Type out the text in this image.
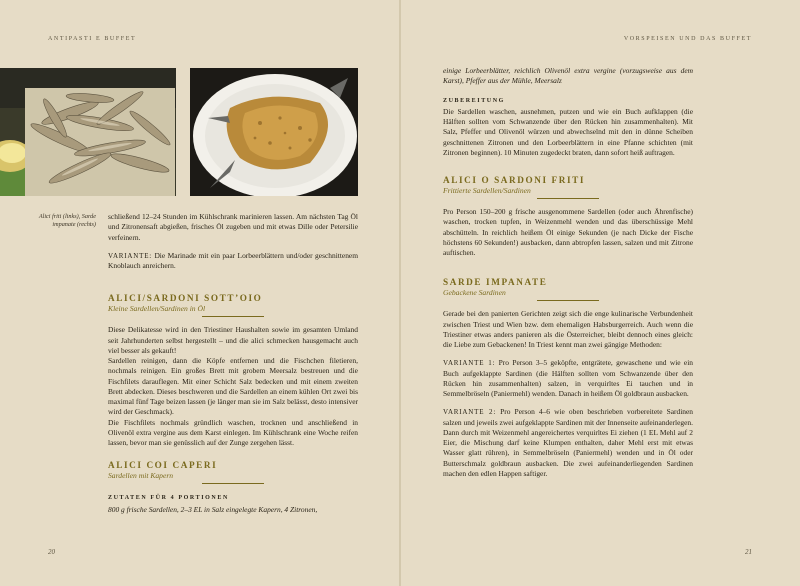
ANTIPASTI E BUFFET	VORSPEISEN UND DAS BUFFET
Alici friti (links), Sarde impanate (rechts)

schließend 12–24 Stunden im Kühlschrank marinieren lassen. Am nächsten Tag Öl und Zitronensaft abgießen, frisches Öl zugeben und mit etwas Dille oder Petersilie verfeinern.

VARIANTE: Die Marinade mit ein paar Lorbeerblättern und/oder geschnittenem Knoblauch anreichern.

ALICI/SARDONI SOTT’OIO

Kleine Sardellen/Sardinen in Öl

Diese Delikatesse wird in den Triestiner Haushalten sowie im gesamten Umland seit Jahrhunderten selbst hergestellt – und die alici schmecken hausgemacht auch viel besser als gekauft!

Sardellen reinigen, dann die Köpfe entfernen und die Fischchen filetieren, nochmals reinigen. Ein großes Brett mit grobem Meersalz bestreuen und die Fischfilets darauflegen. Mit einer Schicht Salz bedecken und mit einem zweiten Brett abdecken. Dieses beschweren und die Sardellen an einem kühlen Ort zwei bis maximal fünf Tage beizen lassen (je länger man sie im Salz belässt, desto intensiver wird der Geschmack).

Die Fischfilets nochmals gründlich waschen, trocknen und anschließend in Olivenöl extra vergine aus dem Karst einlegen. Im Kühlschrank eine Woche reifen lassen, bevor man sie genüsslich auf der Zunge zergehen lässt.

ALICI COI CAPERI

Sardellen mit Kapern

ZUTATEN FÜR 4 PORTIONEN

800 g frische Sardellen, 2–3 EL in Salz eingelegte Kapern, 4 Zitronen,

einige Lorbeerblätter, reichlich Olivenöl extra vergine (vorzugsweise aus dem Karst), Pfeffer aus der Mühle, Meersalz

ZUBEREITUNG

Die Sardellen waschen, ausnehmen, putzen und wie ein Buch aufklappen (die Hälften sollten vom Schwanzende über den Rücken hin zusammenhalten). Mit Salz, Pfeffer und Olivenöl würzen und abwechselnd mit den in dünne Scheiben geschnittenen Zitronen und den Lorbeerblättern in eine Pfanne schichten (mit Zitronen beginnen). 10 Minuten zugedeckt braten, dann sofort heiß auftragen.

ALICI O SARDONI FRITI

Frittierte Sardellen/Sardinen

Pro Person 150–200 g frische ausgenommene Sardellen (oder auch Ährenfische) waschen, trocken tupfen, in Weizenmehl wenden und das überschüssige Mehl abschütteln. In reichlich heißem Öl einige Sekunden (je nach Dicke der Fische höchstens 60 Sekunden!) ausbacken, dann abtropfen lassen, salzen und mit Zitrone auftischen.

SARDE IMPANATE

Gebackene Sardinen

Gerade bei den panierten Gerichten zeigt sich die enge kulinarische Verbundenheit zwischen Triest und Wien bzw. dem ehemaligen Habsburgerreich. Auch wenn die Triestiner etwas anders panieren als die Österreicher, bleibt dennoch eines gleich: die Liebe zum Gebackenen! In Triest kennt man zwei gängige Methoden:

VARIANTE 1: Pro Person 3–5 geköpfte, entgrätete, gewaschene und wie ein Buch aufgeklappte Sardinen (die Hälften sollten vom Schwanzende über den Rücken hin zusammenhalten) salzen, in verquirltes Ei tauchen und in Semmelbröseln (Paniermehl) wenden. Danach in heißem Öl goldbraun ausbacken.

VARIANTE 2: Pro Person 4–6 wie oben beschrieben vorbereitete Sardinen salzen und jeweils zwei aufgeklappte Sardinen mit der Innenseite aufeinanderlegen. Dann durch mit Weizenmehl angereichertes verquirltes Ei ziehen (1 EL Mehl auf 2 Eier, die Mischung darf keine Klumpen enthalten, daher Mehl erst mit etwas Wasser glatt rühren), in Semmelbröseln (Paniermehl) wenden und in Öl oder Butterschmalz goldbraun ausbacken. Die zwei aufeinanderliegenden Sardinen machen den edlen Happen saftiger.

20	21
